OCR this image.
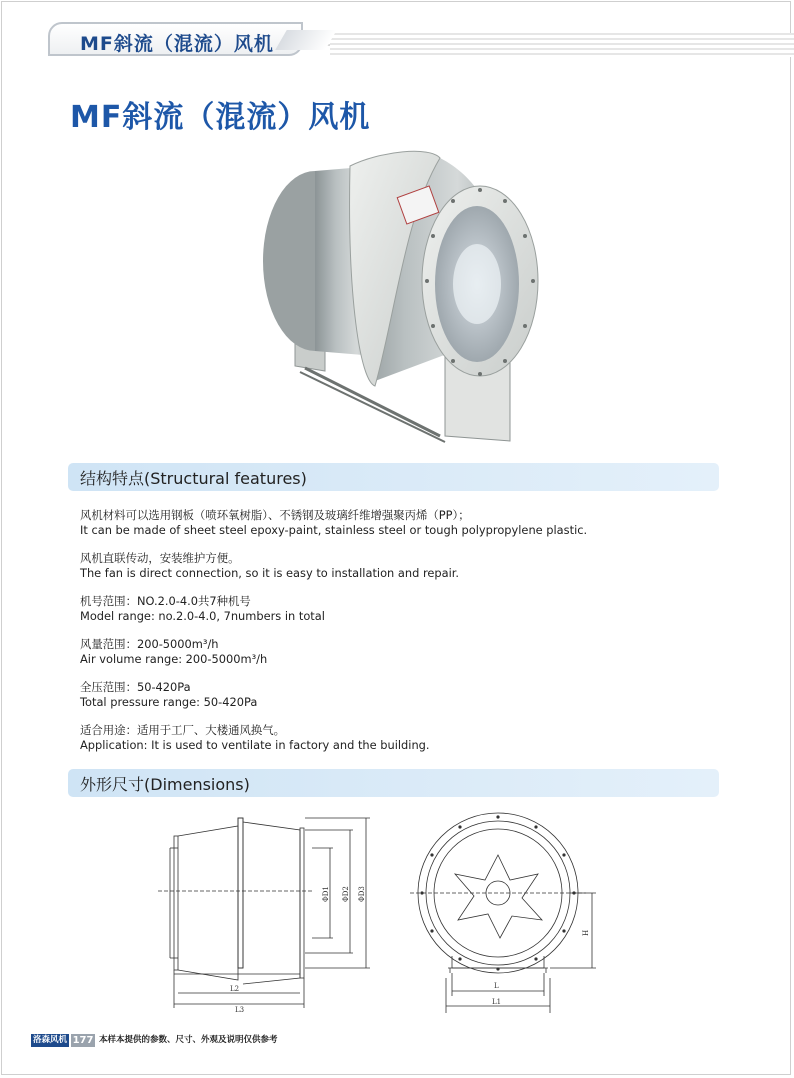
MF斜流（混流）风机
MF斜流（混流）风机
结构特点(Structural features)

风机材料可以选用钢板（喷环氧树脂）、不锈钢及玻璃纤维增强聚丙烯（PP）；

It can be made of sheet steel epoxy-paint, stainless steel or tough polypropylene plastic.

风机直联传动，安装维护方便。

The fan is direct connection, so it is easy to installation and repair.

机号范围：NO.2.0-4.0共7种机号

Model range: no.2.0-4.0, 7numbers in total

风量范围：200-5000m³/h

Air volume range: 200-5000m³/h

全压范围：50-420Pa

Total pressure range: 50-420Pa

适合用途：适用于工厂、大楼通风换气。

Application: It is used to ventilate in factory and the building.

外形尺寸(Dimensions)
ΦD1 ΦD2 ΦD3
L2
L3
L
L1
H
洛森风机 177 本样本提供的参数、尺寸、外观及说明仅供参考
